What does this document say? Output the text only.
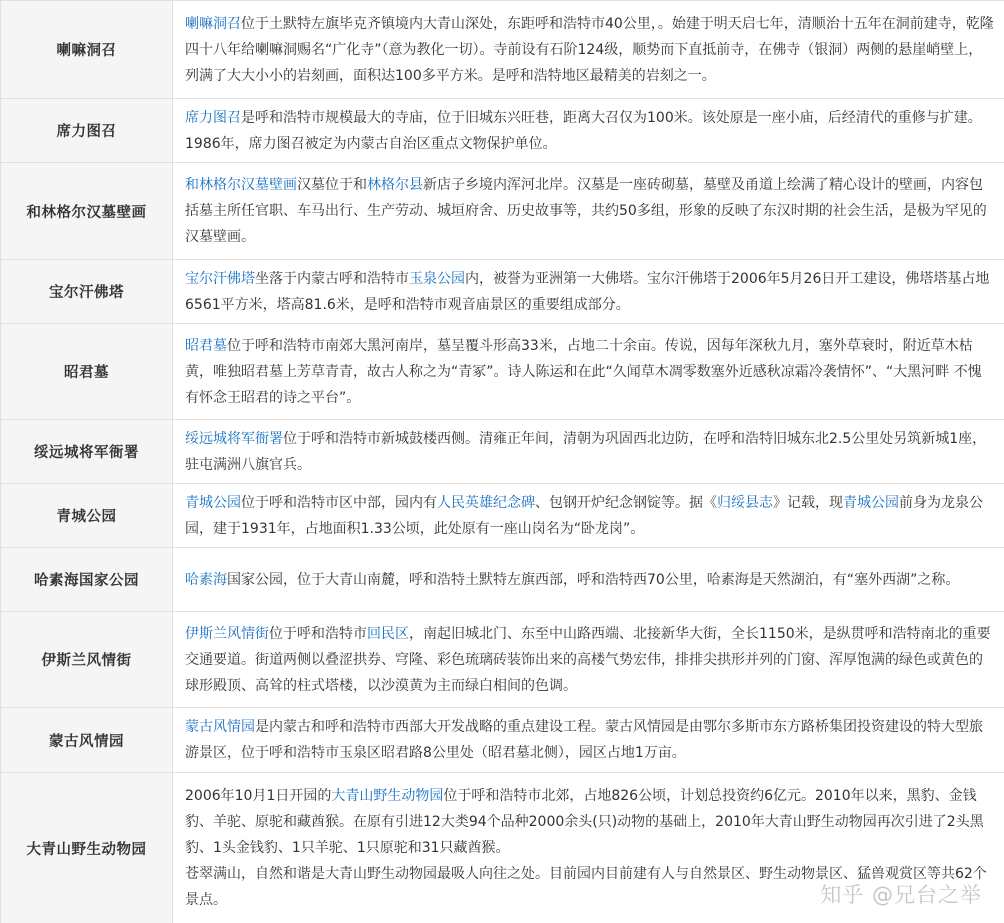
喇嘛洞召	喇嘛洞召位于土默特左旗毕克齐镇境内大青山深处，东距呼和浩特市40公里，。始建于明天启七年，清顺治十五年在洞前建寺，乾隆四十八年给喇嘛洞赐名“广化寺”（意为教化一切）。寺前设有石阶124级，顺势而下直抵前寺，在佛寺（银洞）两侧的悬崖峭壁上，列满了大大小小的岩刻画，面积达100多平方米。是呼和浩特地区最精美的岩刻之一。

席力图召	席力图召是呼和浩特市规模最大的寺庙，位于旧城东兴旺巷，距离大召仅为100米。该处原是一座小庙，后经清代的重修与扩建。1986年，席力图召被定为内蒙古自治区重点文物保护单位。

和林格尔汉墓壁画	和林格尔汉墓壁画汉墓位于和林格尔县新店子乡境内浑河北岸。汉墓是一座砖砌墓，墓壁及甬道上绘满了精心设计的壁画，内容包括墓主所任官职、车马出行、生产劳动、城垣府舍、历史故事等，共约50多组，形象的反映了东汉时期的社会生活，是极为罕见的汉墓壁画。

宝尔汗佛塔	宝尔汗佛塔坐落于内蒙古呼和浩特市玉泉公园内，被誉为亚洲第一大佛塔。宝尔汗佛塔于2006年5月26日开工建设，佛塔塔基占地6561平方米，塔高81.6米，是呼和浩特市观音庙景区的重要组成部分。

昭君墓	昭君墓位于呼和浩特市南郊大黑河南岸，墓呈覆斗形高33米，占地二十余亩。传说，因每年深秋九月，塞外草衰时，附近草木枯黄，唯独昭君墓上芳草青青，故古人称之为“青冢”。诗人陈运和在此“久闻草木凋零数塞外近感秋凉霜冷袭情怀”、“大黑河畔 不愧有怀念王昭君的诗之平台”。

绥远城将军衙署	绥远城将军衙署位于呼和浩特市新城鼓楼西侧。清雍正年间，清朝为巩固西北边防，在呼和浩特旧城东北2.5公里处另筑新城1座，驻屯满洲八旗官兵。

青城公园	青城公园位于呼和浩特市区中部，园内有人民英雄纪念碑、包钢开炉纪念钢锭等。据《归绥县志》记载，现青城公园前身为龙泉公园，建于1931年，占地面积1.33公顷，此处原有一座山岗名为“卧龙岗”。

哈素海国家公园	哈素海国家公园，位于大青山南麓，呼和浩特土默特左旗西部，呼和浩特西70公里，哈素海是天然湖泊，有“塞外西湖”之称。

伊斯兰风情街	伊斯兰风情街位于呼和浩特市回民区，南起旧城北门、东至中山路西端、北接新华大街，全长1150米，是纵贯呼和浩特南北的重要交通要道。街道两侧以叠涩拱券、穹隆、彩色琉璃砖装饰出来的高楼气势宏伟，排排尖拱形并列的门窗、浑厚饱满的绿色或黄色的球形殿顶、高耸的柱式塔楼，以沙漠黄为主而绿白相间的色调。

蒙古风情园	蒙古风情园是内蒙古和呼和浩特市西部大开发战略的重点建设工程。蒙古风情园是由鄂尔多斯市东方路桥集团投资建设的特大型旅游景区，位于呼和浩特市玉泉区昭君路8公里处（昭君墓北侧），园区占地1万亩。

大青山野生动物园	2006年10月1日开园的大青山野生动物园位于呼和浩特市北郊，占地826公顷，计划总投资约6亿元。2010年以来，黑豹、金钱豹、羊驼、原驼和藏酋猴。在原有引进12大类94个品种2000余头(只)动物的基础上，2010年大青山野生动物园再次引进了2头黑豹、1头金钱豹、1只羊驼、1只原驼和31只藏酋猴。
苍翠满山，自然和谐是大青山野生动物园最吸人向往之处。目前园内目前建有人与自然景区、野生动物景区、猛兽观赏区等共62个景点。	知乎 @兄台之举
